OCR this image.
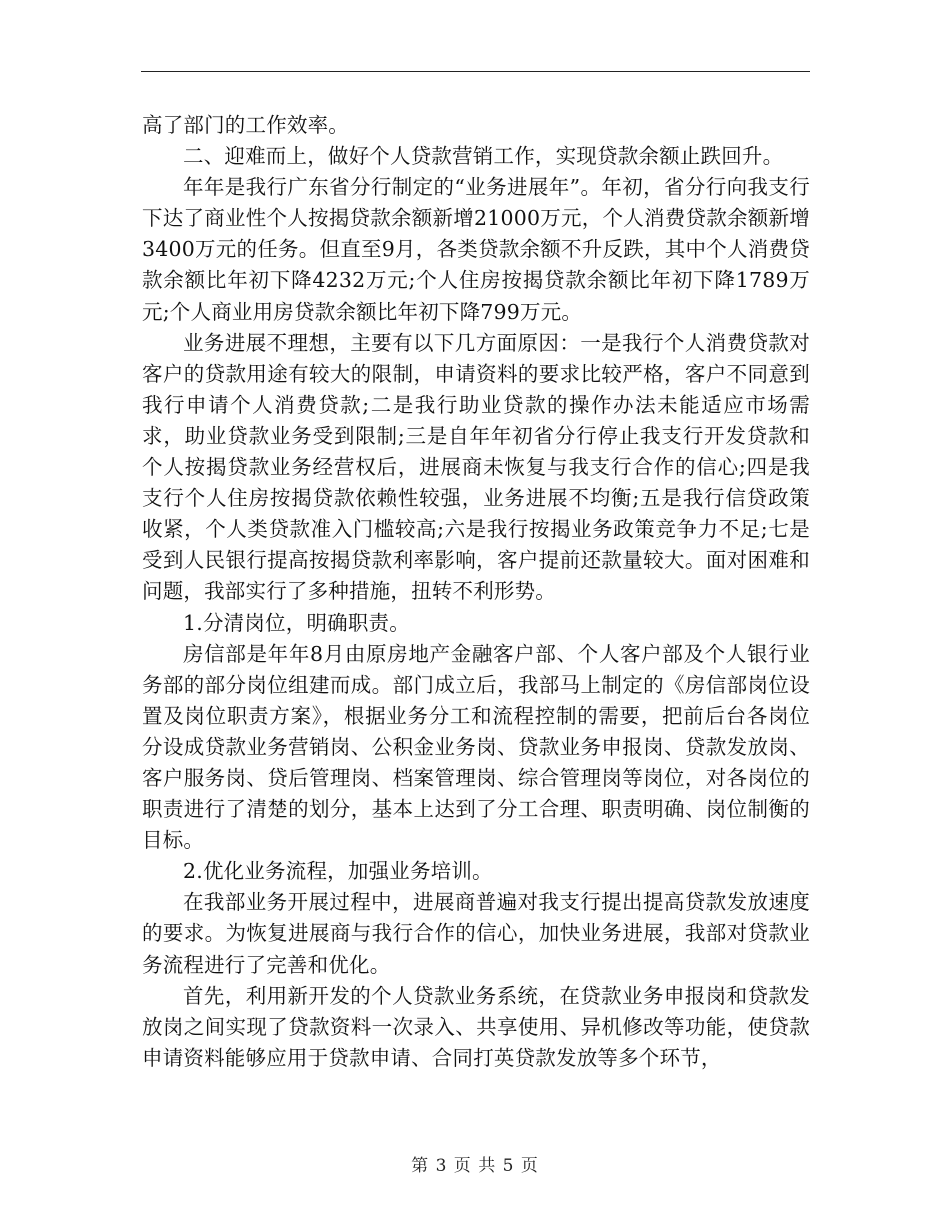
高了部门的工作效率。

二、迎难而上，做好个人贷款营销工作，实现贷款余额止跌回升。

年年是我行广东省分行制定的“业务进展年”。年初，省分行向我支行下达了商业性个人按揭贷款余额新增21000万元，个人消费贷款余额新增3400万元的任务。但直至9月，各类贷款余额不升反跌，其中个人消费贷款余额比年初下降4232万元;个人住房按揭贷款余额比年初下降1789万元;个人商业用房贷款余额比年初下降799万元。

业务进展不理想，主要有以下几方面原因：一是我行个人消费贷款对客户的贷款用途有较大的限制，申请资料的要求比较严格，客户不同意到我行申请个人消费贷款;二是我行助业贷款的操作办法未能适应市场需求，助业贷款业务受到限制;三是自年年初省分行停止我支行开发贷款和个人按揭贷款业务经营权后，进展商未恢复与我支行合作的信心;四是我支行个人住房按揭贷款依赖性较强，业务进展不均衡;五是我行信贷政策收紧，个人类贷款准入门槛较高;六是我行按揭业务政策竞争力不足;七是受到人民银行提高按揭贷款利率影响，客户提前还款量较大。面对困难和问题，我部实行了多种措施，扭转不利形势。

1.分清岗位，明确职责。

房信部是年年8月由原房地产金融客户部、个人客户部及个人银行业务部的部分岗位组建而成。部门成立后，我部马上制定的《房信部岗位设置及岗位职责方案》，根据业务分工和流程控制的需要，把前后台各岗位分设成贷款业务营销岗、公积金业务岗、贷款业务申报岗、贷款发放岗、客户服务岗、贷后管理岗、档案管理岗、综合管理岗等岗位，对各岗位的职责进行了清楚的划分，基本上达到了分工合理、职责明确、岗位制衡的目标。

2.优化业务流程，加强业务培训。

在我部业务开展过程中，进展商普遍对我支行提出提高贷款发放速度的要求。为恢复进展商与我行合作的信心，加快业务进展，我部对贷款业务流程进行了完善和优化。

首先，利用新开发的个人贷款业务系统，在贷款业务申报岗和贷款发放岗之间实现了贷款资料一次录入、共享使用、异机修改等功能，使贷款申请资料能够应用于贷款申请、合同打英贷款发放等多个环节，

第 3 页 共 5 页
